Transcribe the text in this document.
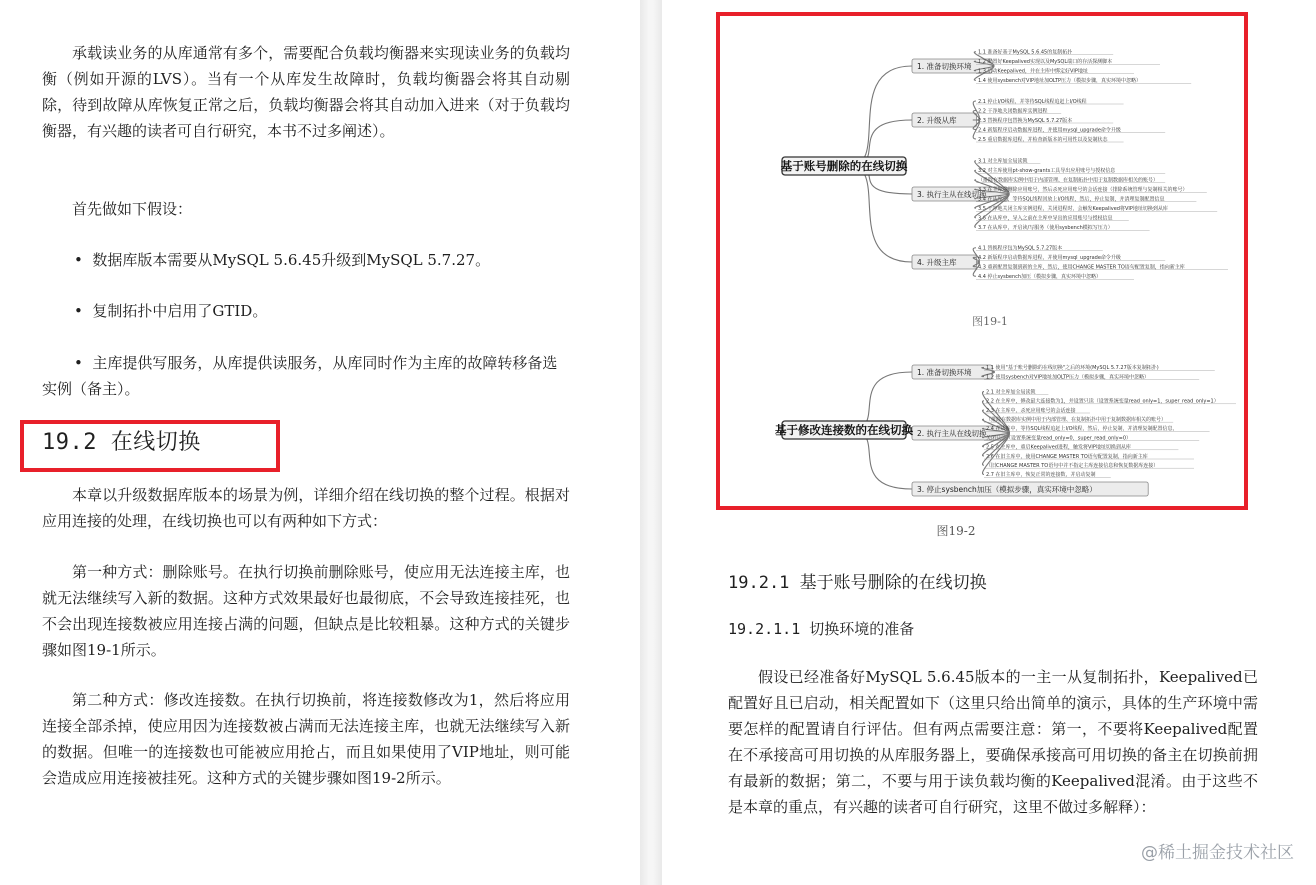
承载读业务的从库通常有多个，需要配合负载均衡器来实现读业务的负载均衡（例如开源的LVS）。当有一个从库发生故障时，负载均衡器会将其自动剔除，待到故障从库恢复正常之后，负载均衡器会将其自动加入进来（对于负载均衡器，有兴趣的读者可自行研究，本书不过多阐述）。

首先做如下假设：

•  数据库版本需要从MySQL 5.6.45升级到MySQL 5.7.27。

•  复制拓扑中启用了GTID。

•  主库提供写服务，从库提供读服务，从库同时作为主库的故障转移备选实例（备主）。

19.2 在线切换

本章以升级数据库版本的场景为例，详细介绍在线切换的整个过程。根据对应用连接的处理，在线切换也可以有两种如下方式：

第一种方式：删除账号。在执行切换前删除账号，使应用无法连接主库，也就无法继续写入新的数据。这种方式效果最好也最彻底，不会导致连接挂死，也不会出现连接数被应用连接占满的问题，但缺点是比较粗暴。这种方式的关键步骤如图19-1所示。

第二种方式：修改连接数。在执行切换前，将连接数修改为1，然后将应用连接全部杀掉，使应用因为连接数被占满而无法连接主库，也就无法继续写入新的数据。但唯一的连接数也可能被应用抢占，而且如果使用了VIP地址，则可能会造成应用连接被挂死。这种方式的关键步骤如图19-2所示。

1. 准备切换环境
1.1 准备好基于MySQL 5.6.45的复制拓扑
1.2 配置好Keepalived实现以及MySQL端口的存活探测脚本
1.3 启动Keepalived，并在主库中绑定好VIP地址
1.4 使用sysbench对VIP地址加OLTP压力（模拟步骤，真实环境中忽略）
2. 升级从库
2.1 停止I/O线程，并等待SQL线程追赶上I/O线程
2.2 干净地关闭数据库实例进程
2.3 替换程序包替换为MySQL 5.7.27版本
2.4 新版程序启动数据库进程，并使用mysql_upgrade命令升级
2.5 重启数据库进程，并检查新版本的可用性以及复制状态
3. 执行主从在线切换
3.1 对主库加全局读锁
3.2 对主库使用pt-show-grants工具导出应用账号与授权信息
（排除在数据库实例中用于内部管理、在复制拓扑中用于复制数据库相关的账号）
3.3 在主库中删除应用账号，然后杀死应用账号的会话连接（排除系统管理与复制相关的账号）
3.4 在从库中，等待SQL线程回放上I/O线程，然后，停止复制，并清理复制配置信息
3.5 干净地关闭主库实例进程，关闭进程时，会触发Keepalived将VIP地址切换到从库
3.6 在从库中，导入之前在主库中导出的应用账号与授权信息
3.7 在从库中，开启读/写服务（使用sysbench模拟写压力）
4. 升级主库
4.1 替换程序包为MySQL 5.7.27版本
4.2 新版程序启动数据库进程，并使用mysql_upgrade命令升级
4.3 重新配置复制到新的主库，然后，使用CHANGE MASTER TO语句配置复制，指向新主库
4.4 停止sysbench加压（模拟步骤，真实环境中忽略）
基于账号删除的在线切换
1. 准备切换环境	1.1 使用"基于账号删除的在线切换"之后的环境(MySQL 5.7.27版本复制拓扑)
1.2 使用sysbench对VIP地址加OLTP压力（模拟步骤，真实环境中忽略）
2. 执行主从在线切换
2.1 对主库加全局读锁
2.2 在主库中，修改最大连接数为1，并设置只读（设置系统变量read_only=1，super_read_only=1）
2.3 在主库中，杀死应用账号的会话连接
（排除在数据库实例中用于内部管理、在复制拓扑中用于复制数据库相关的账号）
2.4 在从库中，等待SQL线程追赶上I/O线程，然后，停止复制，并清理复制配置信息，
关闭只读（设置系统变量read_only=0，super_read_only=0）
2.5 在主库中，重启Keepalived进程，触发将VIP地址切换到从库
2.6 在旧主库中，使用CHANGE MASTER TO语句配置复制，指向新主库
（旧CHANGE MASTER TO语句中并不指定主库连接信息和恢复数据库连接）
2.7 在旧主库中，恢复正常的连接数，并启动复制
3. 停止sysbench加压（模拟步骤，真实环境中忽略）
基于修改连接数的在线切换
图19-1
图19-2
19.2.1 基于账号删除的在线切换
19.2.1.1 切换环境的准备

假设已经准备好MySQL 5.6.45版本的一主一从复制拓扑，Keepalived已配置好且已启动，相关配置如下（这里只给出简单的演示，具体的生产环境中需要怎样的配置请自行评估。但有两点需要注意：第一，不要将Keepalived配置在不承接高可用切换的从库服务器上，要确保承接高可用切换的备主在切换前拥有最新的数据；第二，不要与用于读负载均衡的Keepalived混淆。由于这些不是本章的重点，有兴趣的读者可自行研究，这里不做过多解释）：

@稀土掘金技术社区
